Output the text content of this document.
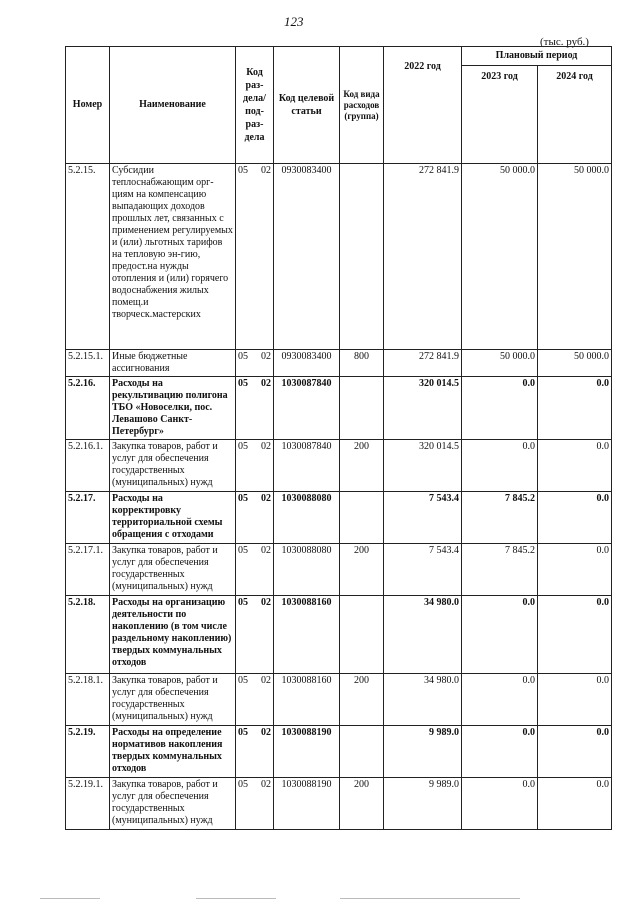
123
(тыс. руб.)
Номер	Наименование	Код раз-дела/ под-раз-дела	Код целевой статьи	Код вида расходов (группа)	2022 год	Плановый период	
						2023 год	2024 год
5.2.15.	Субсидии теплоснабжающим орг-циям на компенсацию выпадающих доходов прошлых лет, связанных с применением регулируемых и (или) льготных тарифов на тепловую эн-гию, предост.на нужды отопления и (или) горячего водоснабжения жилых помещ.и творческ.мастерских	05 02	0930083400		272 841.9	50 000.0	50 000.0
5.2.15.1.	Иные бюджетные ассигнования	05 02	0930083400	800	272 841.9	50 000.0	50 000.0
5.2.16.	Расходы на рекультивацию полигона ТБО «Новоселки, пос. Левашово Санкт-Петербург»	05 02	1030087840		320 014.5	0.0	0.0
5.2.16.1.	Закупка товаров, работ и услуг для обеспечения государственных (муниципальных) нужд	05 02	1030087840	200	320 014.5	0.0	0.0
5.2.17.	Расходы на корректировку территориальной схемы обращения с отходами	05 02	1030088080		7 543.4	7 845.2	0.0
5.2.17.1.	Закупка товаров, работ и услуг для обеспечения государственных (муниципальных) нужд	05 02	1030088080	200	7 543.4	7 845.2	0.0
5.2.18.	Расходы на организацию деятельности по накоплению (в том числе раздельному накоплению) твердых коммунальных отходов	05 02	1030088160		34 980.0	0.0	0.0
5.2.18.1.	Закупка товаров, работ и услуг для обеспечения государственных (муниципальных) нужд	05 02	1030088160	200	34 980.0	0.0	0.0
5.2.19.	Расходы на определение нормативов накопления твердых коммунальных отходов	05 02	1030088190		9 989.0	0.0	0.0
5.2.19.1.	Закупка товаров, работ и услуг для обеспечения государственных (муниципальных) нужд	05 02	1030088190	200	9 989.0	0.0	0.0
